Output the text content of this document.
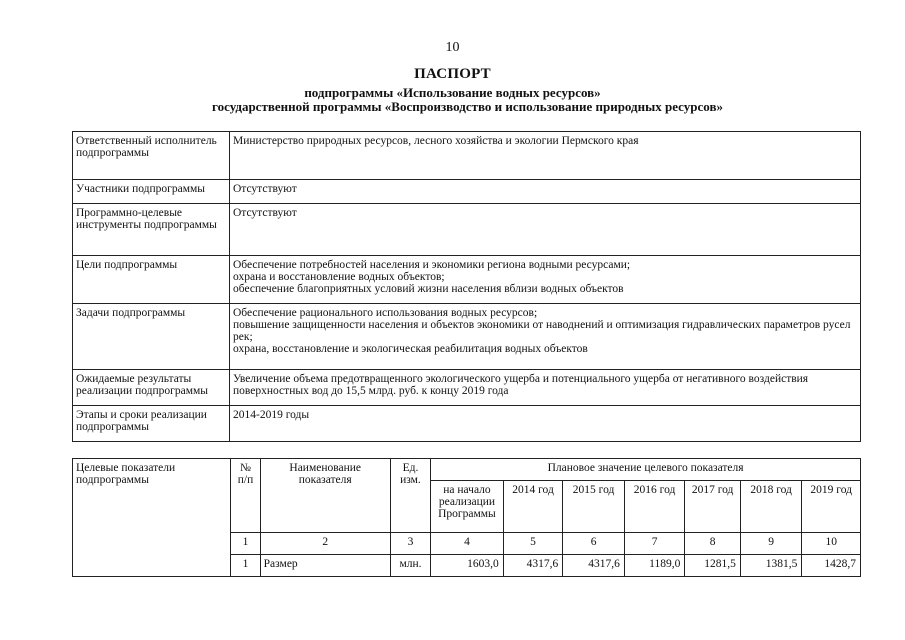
10
ПАСПОРТ
подпрограммы «Использование водных ресурсов»
государственной программы «Воспроизводство и использование природных ресурсов»
Ответственный исполнитель подпрограммы	Министерство природных ресурсов, лесного хозяйства и экологии Пермского края
Участники подпрограммы	Отсутствуют
Программно-целевые инструменты подпрограммы	Отсутствуют
Цели подпрограммы	Обеспечение потребностей населения и экономики региона водными ресурсами;
охрана и восстановление водных объектов;
обеспечение благоприятных условий жизни населения вблизи водных объектов

Задачи подпрограммы	Обеспечение рационального использования водных ресурсов;
повышение защищенности населения и объектов экономики от наводнений и оптимизация гидравлических параметров русел рек;
охрана, восстановление и экологическая реабилитация водных объектов

Ожидаемые результаты реализации подпрограммы	Увеличение объема предотвращенного экологического ущерба и потенциального ущерба от негативного воздействия поверхностных вод до 15,5 млрд. руб. к концу 2019 года
Этапы и сроки реализации подпрограммы	2014-2019 годы
Целевые показатели подпрограммы	№ п/п	Наименование показателя	Ед. изм.	Плановое значение целевого показателя						
				на начало реализации Программы	2014 год	2015 год	2016 год	2017 год	2018 год	2019 год
	1	2	3	4	5	6	7	8	9	10
	1	Размер	млн.	1603,0	4317,6	4317,6	1189,0	1281,5	1381,5	1428,7
